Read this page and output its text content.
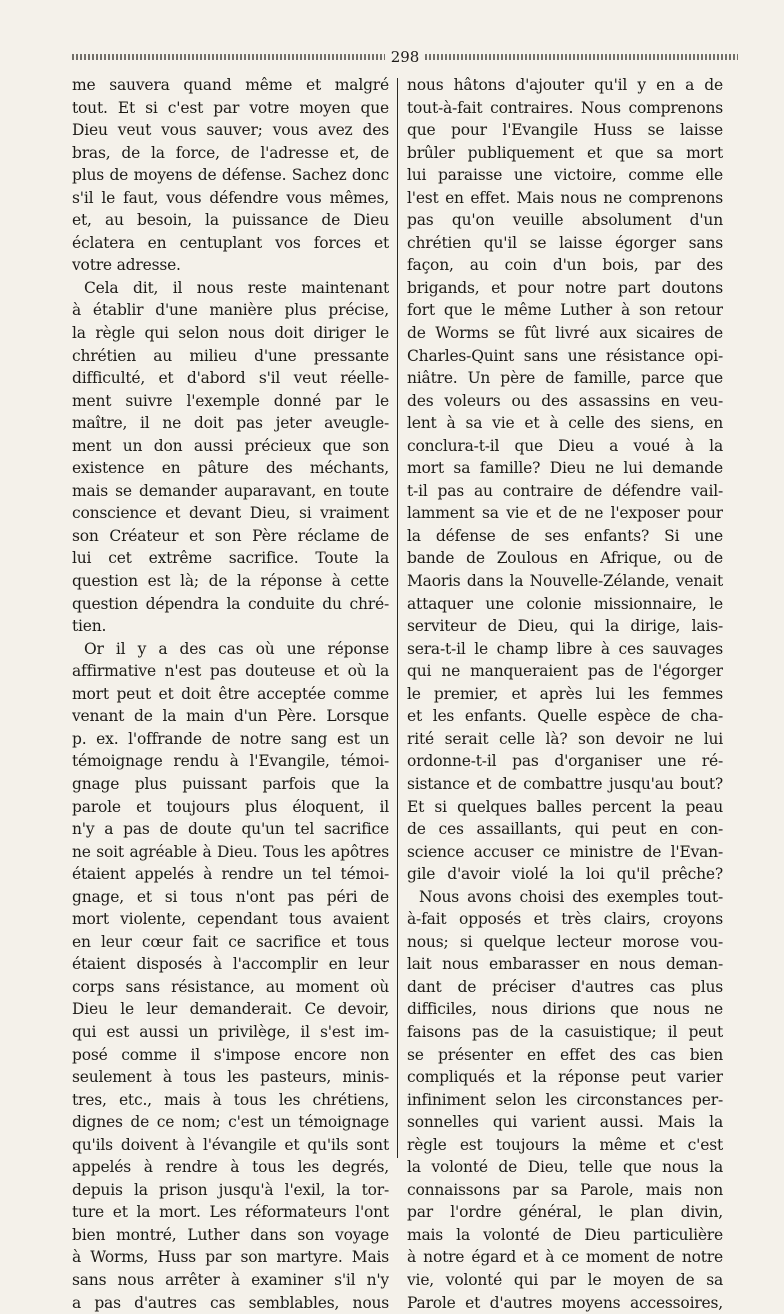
298
me sauvera quand même et malgré
tout. Et si c'est par votre moyen que
Dieu veut vous sauver; vous avez des
bras, de la force, de l'adresse et, de
plus de moyens de défense. Sachez donc
s'il le faut, vous défendre vous mêmes,
et, au besoin, la puissance de Dieu
éclatera en centuplant vos forces et
votre adresse.
Cela dit, il nous reste maintenant
à établir d'une manière plus précise,
la règle qui selon nous doit diriger le
chrétien au milieu d'une pressante
difficulté, et d'abord s'il veut réelle-
ment suivre l'exemple donné par le
maître, il ne doit pas jeter aveugle-
ment un don aussi précieux que son
existence en pâture des méchants,
mais se demander auparavant, en toute
conscience et devant Dieu, si vraiment
son Créateur et son Père réclame de
lui cet extrême sacrifice. Toute la
question est là; de la réponse à cette
question dépendra la conduite du chré-
tien.
Or il y a des cas où une réponse
affirmative n'est pas douteuse et où la
mort peut et doit être acceptée comme
venant de la main d'un Père. Lorsque
p. ex. l'offrande de notre sang est un
témoignage rendu à l'Evangile, témoi-
gnage plus puissant parfois que la
parole et toujours plus éloquent, il
n'y a pas de doute qu'un tel sacrifice
ne soit agréable à Dieu. Tous les apôtres
étaient appelés à rendre un tel témoi-
gnage, et si tous n'ont pas péri de
mort violente, cependant tous avaient
en leur cœur fait ce sacrifice et tous
étaient disposés à l'accomplir en leur
corps sans résistance, au moment où
Dieu le leur demanderait. Ce devoir,
qui est aussi un privilège, il s'est im-
posé comme il s'impose encore non
seulement à tous les pasteurs, minis-
tres, etc., mais à tous les chrétiens,
dignes de ce nom; c'est un témoignage
qu'ils doivent à l'évangile et qu'ils sont
appelés à rendre à tous les degrés,
depuis la prison jusqu'à l'exil, la tor-
ture et la mort. Les réformateurs l'ont
bien montré, Luther dans son voyage
à Worms, Huss par son martyre. Mais
sans nous arrêter à examiner s'il n'y
a pas d'autres cas semblables, nous
nous hâtons d'ajouter qu'il y en a de
tout-à-fait contraires. Nous comprenons
que pour l'Evangile Huss se laisse
brûler publiquement et que sa mort
lui paraisse une victoire, comme elle
l'est en effet. Mais nous ne comprenons
pas qu'on veuille absolument d'un
chrétien qu'il se laisse égorger sans
façon, au coin d'un bois, par des
brigands, et pour notre part doutons
fort que le même Luther à son retour
de Worms se fût livré aux sicaires de
Charles-Quint sans une résistance opi-
niâtre. Un père de famille, parce que
des voleurs ou des assassins en veu-
lent à sa vie et à celle des siens, en
conclura-t-il que Dieu a voué à la
mort sa famille? Dieu ne lui demande
t-il pas au contraire de défendre vail-
lamment sa vie et de ne l'exposer pour
la défense de ses enfants? Si une
bande de Zoulous en Afrique, ou de
Maoris dans la Nouvelle-Zélande, venait
attaquer une colonie missionnaire, le
serviteur de Dieu, qui la dirige, lais-
sera-t-il le champ libre à ces sauvages
qui ne manqueraient pas de l'égorger
le premier, et après lui les femmes
et les enfants. Quelle espèce de cha-
rité serait celle là? son devoir ne lui
ordonne-t-il pas d'organiser une ré-
sistance et de combattre jusqu'au bout?
Et si quelques balles percent la peau
de ces assaillants, qui peut en con-
science accuser ce ministre de l'Evan-
gile d'avoir violé la loi qu'il prêche?
Nous avons choisi des exemples tout-
à-fait opposés et très clairs, croyons
nous; si quelque lecteur morose vou-
lait nous embarasser en nous deman-
dant de préciser d'autres cas plus
difficiles, nous dirions que nous ne
faisons pas de la casuistique; il peut
se présenter en effet des cas bien
compliqués et la réponse peut varier
infiniment selon les circonstances per-
sonnelles qui varient aussi. Mais la
règle est toujours la même et c'est
la volonté de Dieu, telle que nous la
connaissons par sa Parole, mais non
par l'ordre général, le plan divin,
mais la volonté de Dieu particulière
à notre égard et à ce moment de notre
vie, volonté qui par le moyen de sa
Parole et d'autres moyens accessoires,
